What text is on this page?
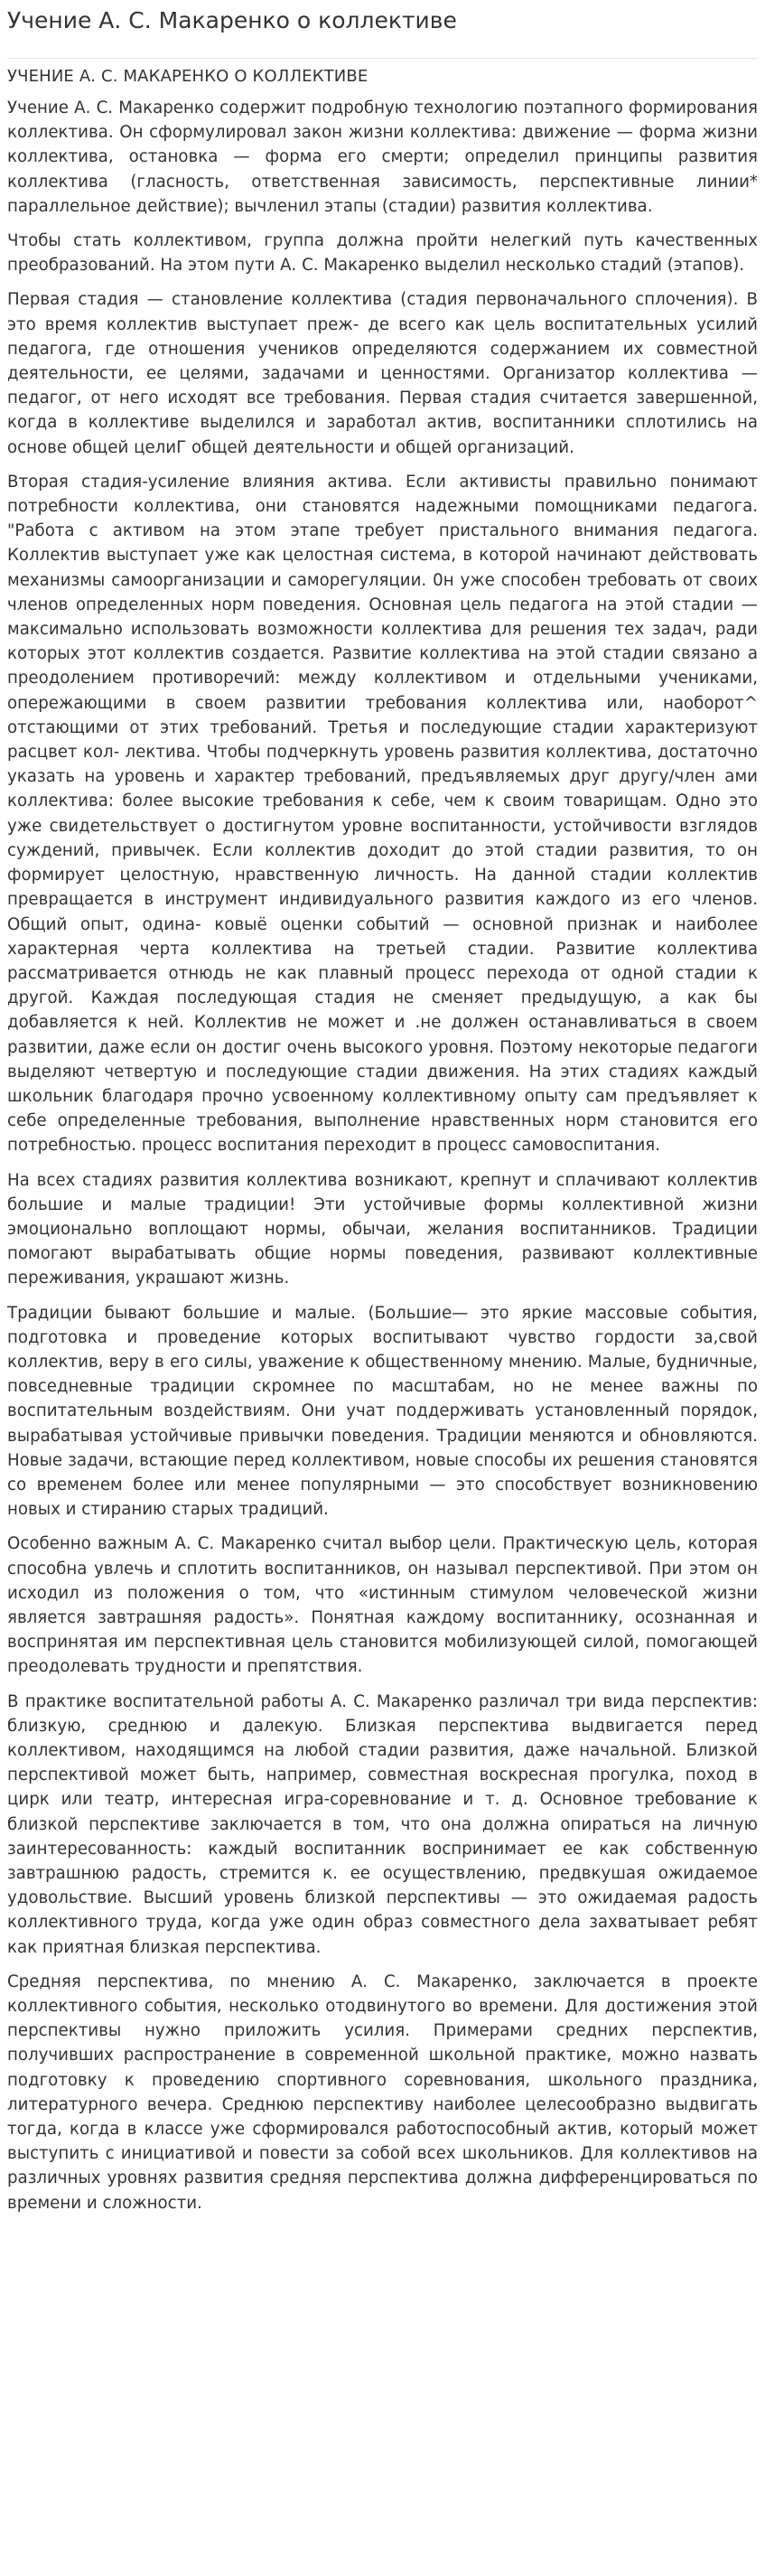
Учение А. С. Макаренко о коллективе
УЧЕНИЕ А. С. МАКАРЕНКО О КОЛЛЕКТИВЕ

Учение А. С. Макаренко содержит подробную технологию поэтапного формирования коллектива. Он сформулировал закон жизни коллектива: движение — форма жизни коллектива, остановка — форма его смерти; определил принципы развития коллектива (гласность, ответственная зависимость, перспективные линии* параллельное действие); вычленил этапы (стадии) развития коллектива.

Чтобы стать коллективом, группа должна пройти нелегкий путь качественных преобразований. На этом пути А. С. Макаренко выделил несколько стадий (этапов).

Первая стадия — становление коллектива (стадия первоначального сплочения). В это время коллектив выступает преж- де всего как цель воспитательных усилий педагога, где отношения учеников определяются содержанием их совместной деятельности, ее целями, задачами и ценностями. Организатор коллектива — педагог, от него исходят все требования. Первая стадия считается завершенной, когда в коллективе выделился и заработал актив, воспитанники сплотились на основе общей целиГ общей деятельности и общей организаций.

Вторая стадия-усиление влияния актива. Если активисты правильно понимают потребности коллектива, они становятся надежными помощниками педагога. "Работа с активом на этом этапе требует пристального внимания педагога. Коллектив выступает уже как целостная система, в которой начинают действовать механизмы самоорганизации и саморегуляции. 0н уже способен требовать от своих членов определенных норм поведения. Основная цель педагога на этой стадии — максимально использовать возможности коллектива для решения тех задач, ради которых этот коллектив создается. Развитие коллектива на этой стадии связано а преодолением противоречий: между коллективом и отдельными учениками, опережающими в своем развитии требования коллектива или, наоборот^ отстающими от этих требований. Третья и последующие стадии характеризуют расцвет кол- лектива. Чтобы подчеркнуть уровень развития коллектива, достаточно указать на уровень и характер требований, предъявляемых друг другу/член ами коллектива: более высокие требования к себе, чем к своим товарищам. Одно это уже свидетельствует о достигнутом уровне воспитанности, устойчивости взглядов суждений, привычек. Если коллектив доходит до этой стадии развития, то он формирует целостную, нравственную личность. На данной стадии коллектив превращается в инструмент индивидуального развития каждого из его членов. Общий опыт, одина- ковыё оценки событий — основной признак и наиболее характерная черта коллектива на третьей стадии. Развитие коллектива рассматривается отнюдь не как плавный процесс перехода от одной стадии к другой. Каждая последующая стадия не сменяет предыдущую, а как бы добавляется к ней. Коллектив не может и .не должен останавливаться в своем развитии, даже если он достиг очень высокого уровня. Поэтому некоторые педагоги выделяют четвертую и последующие стадии движения. На этих стадиях каждый школьник благодаря прочно усвоенному коллективному опыту сам предъявляет к себе определенные требования, выполнение нравственных норм становится его потребностью. процесс воспитания переходит в процесс самовоспитания.

На всех стадиях развития коллектива возникают, крепнут и сплачивают коллектив большие и малые традиции! Эти устойчивые формы коллективной жизни эмоционально воплощают нормы, обычаи, желания воспитанников. Традиции помогают вырабатывать общие нормы поведения, развивают коллективные переживания, украшают жизнь.

Традиции бывают большие и малые. (Большие— это яркие массовые события, подготовка и проведение которых воспитывают чувство гордости за,свой коллектив, веру в его силы, уважение к общественному мнению. Малые, будничные, повседневные традиции скромнее по масштабам, но не менее важны по воспитательным воздействиям. Они учат поддерживать установленный порядок, вырабатывая устойчивые привычки поведения. Традиции меняются и обновляются. Новые задачи, встающие перед коллективом, новые способы их решения становятся со временем более или менее популярными — это способствует возникновению новых и стиранию старых традиций.

Особенно важным А. С. Макаренко считал выбор цели. Практическую цель, которая способна увлечь и сплотить воспитанников, он называл перспективой. При этом он исходил из положения о том, что «истинным стимулом человеческой жизни является завтрашняя радость». Понятная каждому воспитаннику, осознанная и воспринятая им перспективная цель становится мобилизующей силой, помогающей преодолевать трудности и препятствия.

В практике воспитательной работы А. С. Макаренко различал три вида перспектив: близкую, среднюю и далекую. Близкая перспектива выдвигается перед коллективом, находящимся на любой стадии развития, даже начальной. Близкой перспективой может быть, например, совместная воскресная прогулка, поход в цирк или театр, интересная игра-соревнование и т. д. Основное требование к близкой перспективе заключается в том, что она должна опираться на личную заинтересованность: каждый воспитанник воспринимает ее как собственную завтрашнюю радость, стремится к. ее осуществлению, предвкушая ожидаемое удовольствие. Высший уровень близкой перспективы — это ожидаемая радость коллективного труда, когда уже один образ совместного дела захватывает ребят как приятная близкая перспектива.

Средняя перспектива, по мнению А. С. Макаренко, заключается в проекте коллективного события, несколько отодвинутого во времени. Для достижения этой перспективы нужно приложить усилия. Примерами средних перспектив, получивших распространение в современной школьной практике, можно назвать подготовку к проведению спортивного соревнования, школьного праздника, литературного вечера. Среднюю перспективу наиболее целесообразно выдвигать тогда, когда в классе уже сформировался работоспособный актив, который может выступить с инициативой и повести за собой всех школьников. Для коллективов на различных уровнях развития средняя перспектива должна дифференцироваться по времени и сложности.
